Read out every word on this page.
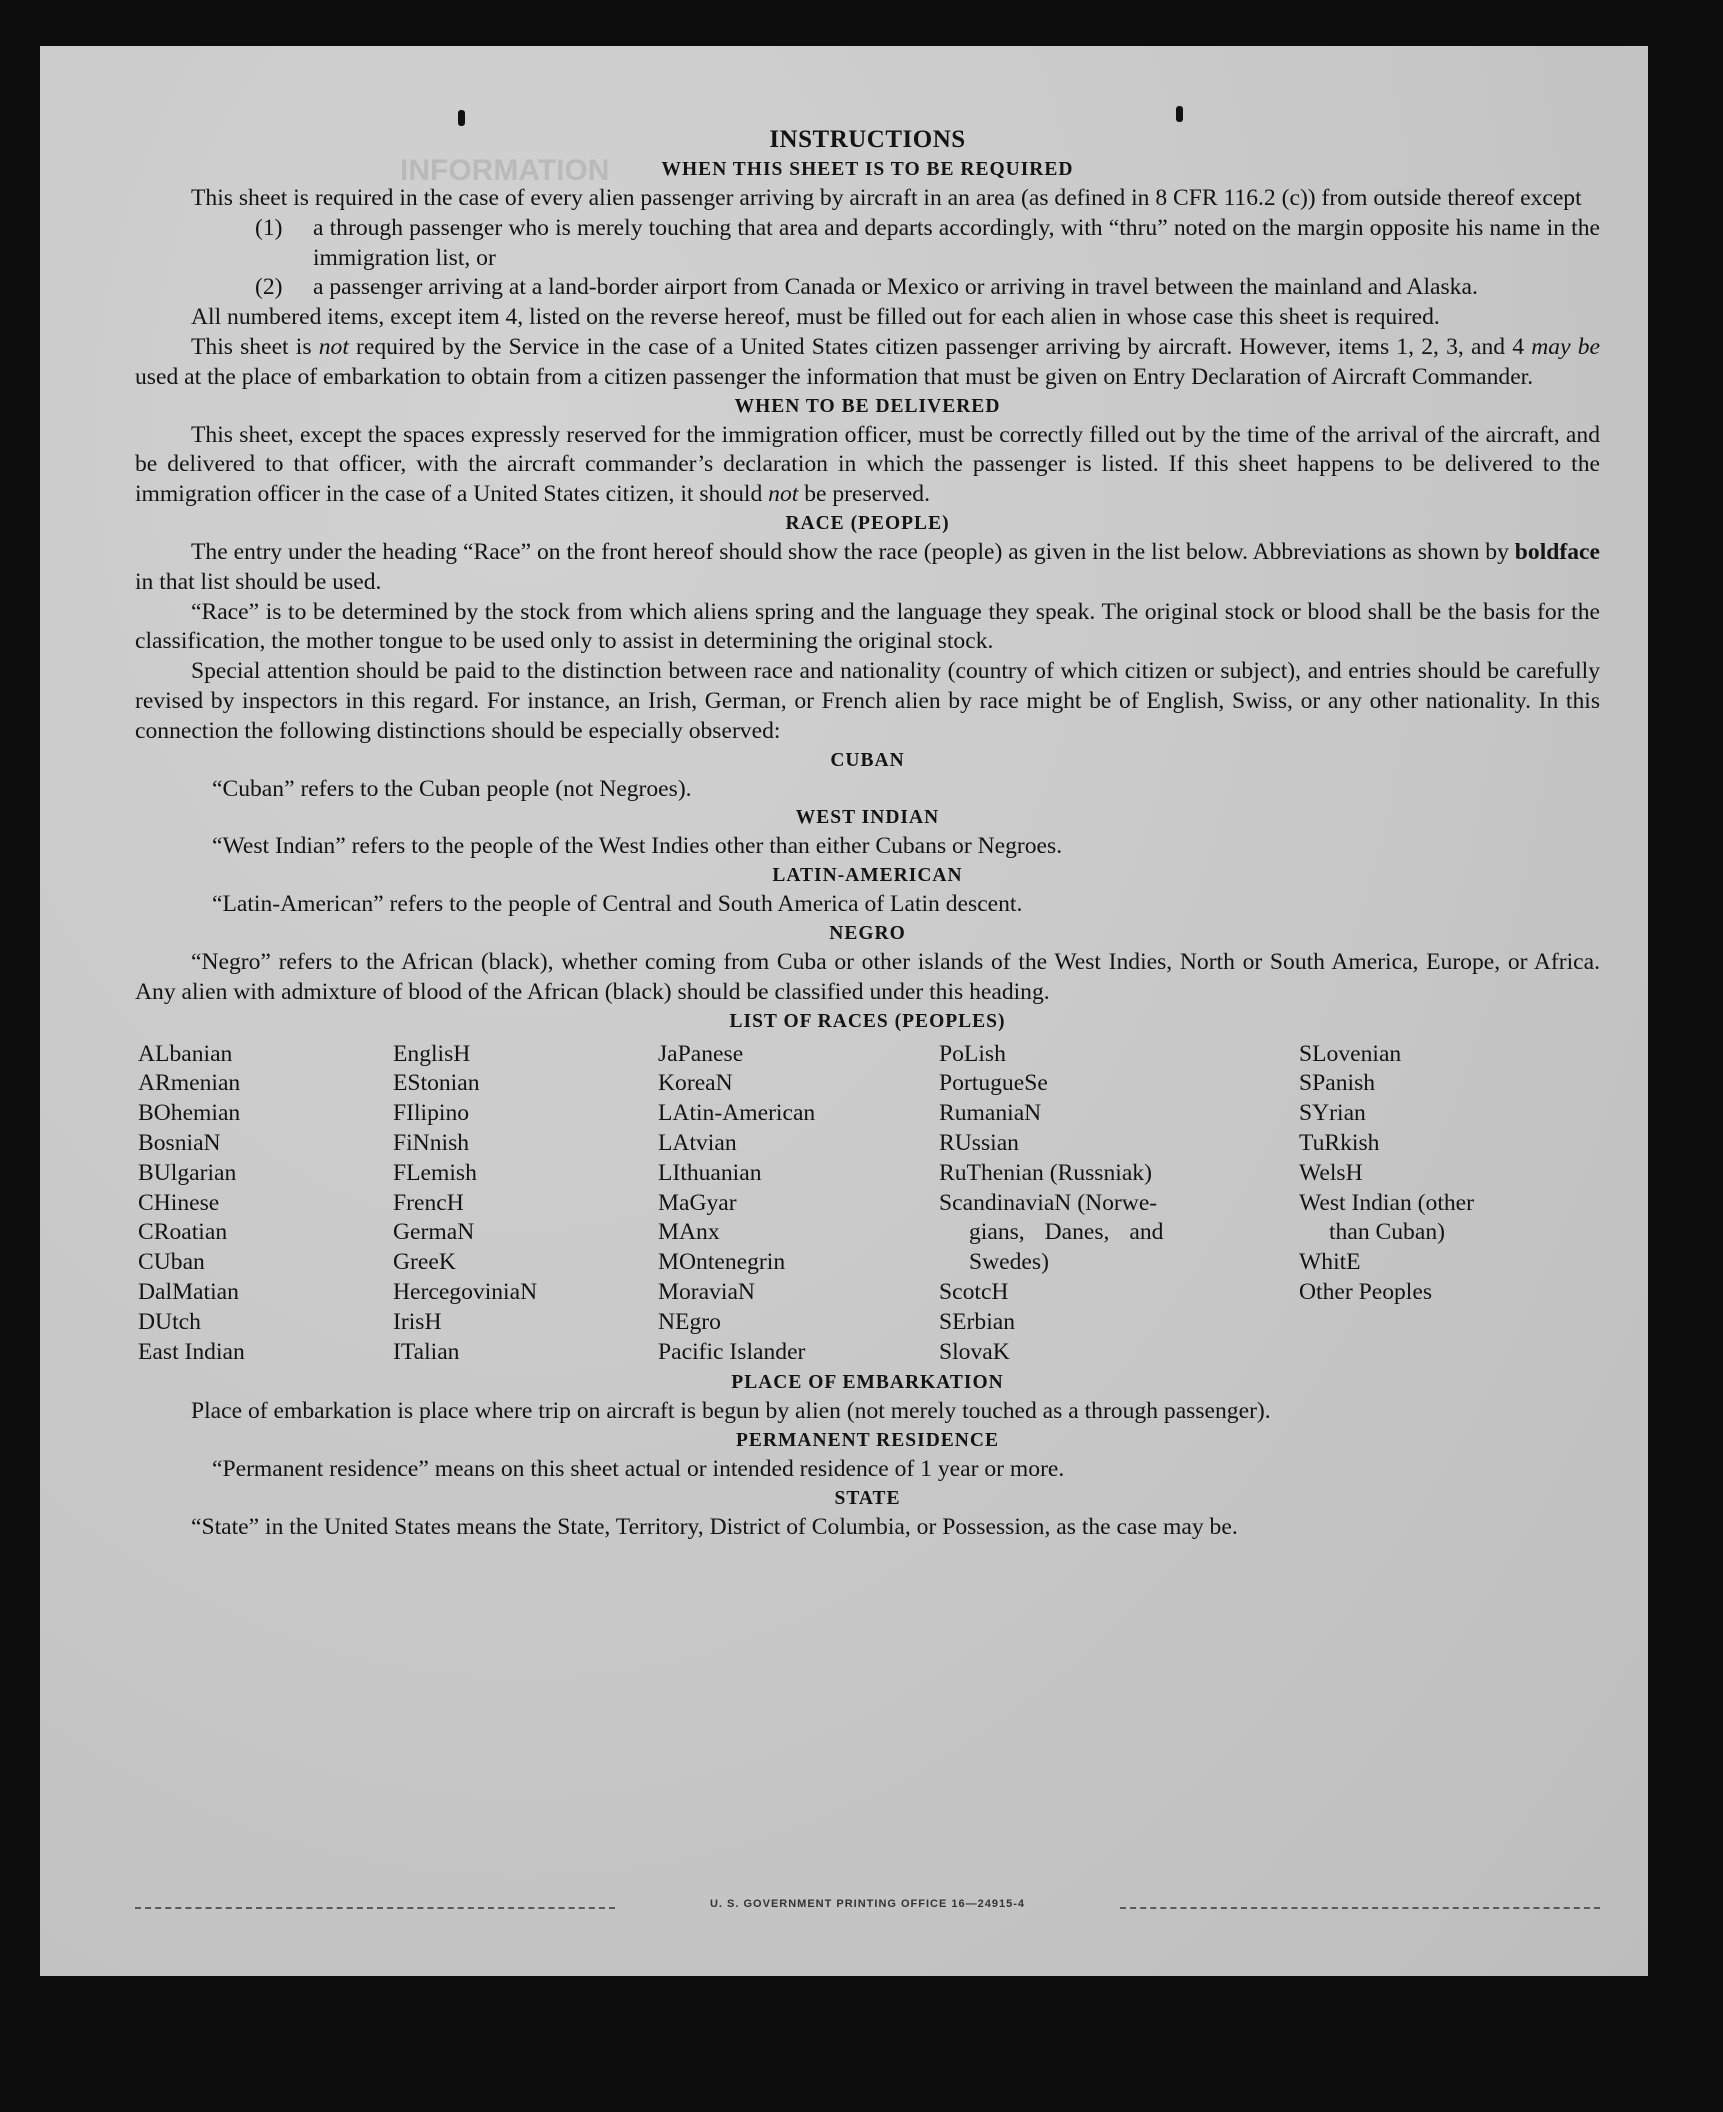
INFORMATION
INSTRUCTIONS
WHEN THIS SHEET IS TO BE REQUIRED

This sheet is required in the case of every alien passenger arriving by aircraft in an area (as defined in 8 CFR 116.2 (c)) from outside thereof except

(1) a through passenger who is merely touching that area and departs accordingly, with “thru” noted on the margin opposite his name in the immigration list, or

(2) a passenger arriving at a land-border airport from Canada or Mexico or arriving in travel between the mainland and Alaska.

All numbered items, except item 4, listed on the reverse hereof, must be filled out for each alien in whose case this sheet is required.

This sheet is not required by the Service in the case of a United States citizen passenger arriving by aircraft. However, items 1, 2, 3, and 4 may be used at the place of embarkation to obtain from a citizen passenger the information that must be given on Entry Declaration of Aircraft Commander.

WHEN TO BE DELIVERED

This sheet, except the spaces expressly reserved for the immigration officer, must be correctly filled out by the time of the arrival of the aircraft, and be delivered to that officer, with the aircraft commander’s declaration in which the passenger is listed. If this sheet happens to be delivered to the immigration officer in the case of a United States citizen, it should not be preserved.

RACE (PEOPLE)

The entry under the heading “Race” on the front hereof should show the race (people) as given in the list below. Abbreviations as shown by boldface in that list should be used.

“Race” is to be determined by the stock from which aliens spring and the language they speak. The original stock or blood shall be the basis for the classification, the mother tongue to be used only to assist in determining the original stock.

Special attention should be paid to the distinction between race and nationality (country of which citizen or subject), and entries should be carefully revised by inspectors in this regard. For instance, an Irish, German, or French alien by race might be of English, Swiss, or any other nationality. In this connection the following distinctions should be especially observed:

CUBAN

“Cuban” refers to the Cuban people (not Negroes).

WEST INDIAN

“West Indian” refers to the people of the West Indies other than either Cubans or Negroes.

LATIN-AMERICAN

“Latin-American” refers to the people of Central and South America of Latin descent.

NEGRO

“Negro” refers to the African (black), whether coming from Cuba or other islands of the West Indies, North or South America, Europe, or Africa. Any alien with admixture of blood of the African (black) should be classified under this heading.

LIST OF RACES (PEOPLES)
ALbanian
ARmenian
BOhemian
BosniaN
BUlgarian
CHinese
CRoatian
CUban
DalMatian
DUtch
East Indian
EnglisH
EStonian
FIlipino
FiNnish
FLemish
FrencH
GermaN
GreeK
HercegoviniaN
IrisH
ITalian
JaPanese
KoreaN
LAtin-American
LAtvian
LIthuanian
MaGyar
MAnx
MOntenegrin
MoraviaN
NEgro
Pacific Islander
PoLish
PortugueSe
RumaniaN
RUssian
RuThenian (Russniak)
ScandinaviaN (Norwe-
gians, Danes, and
Swedes)
ScotcH
SErbian
SlovaK
SLovenian
SPanish
SYrian
TuRkish
WelsH
West Indian (other
than Cuban)
WhitE
Other Peoples
PLACE OF EMBARKATION

Place of embarkation is place where trip on aircraft is begun by alien (not merely touched as a through passenger).

PERMANENT RESIDENCE

“Permanent residence” means on this sheet actual or intended residence of 1 year or more.

STATE

“State” in the United States means the State, Territory, District of Columbia, or Possession, as the case may be.

U. S. GOVERNMENT PRINTING OFFICE 16—24915-4
